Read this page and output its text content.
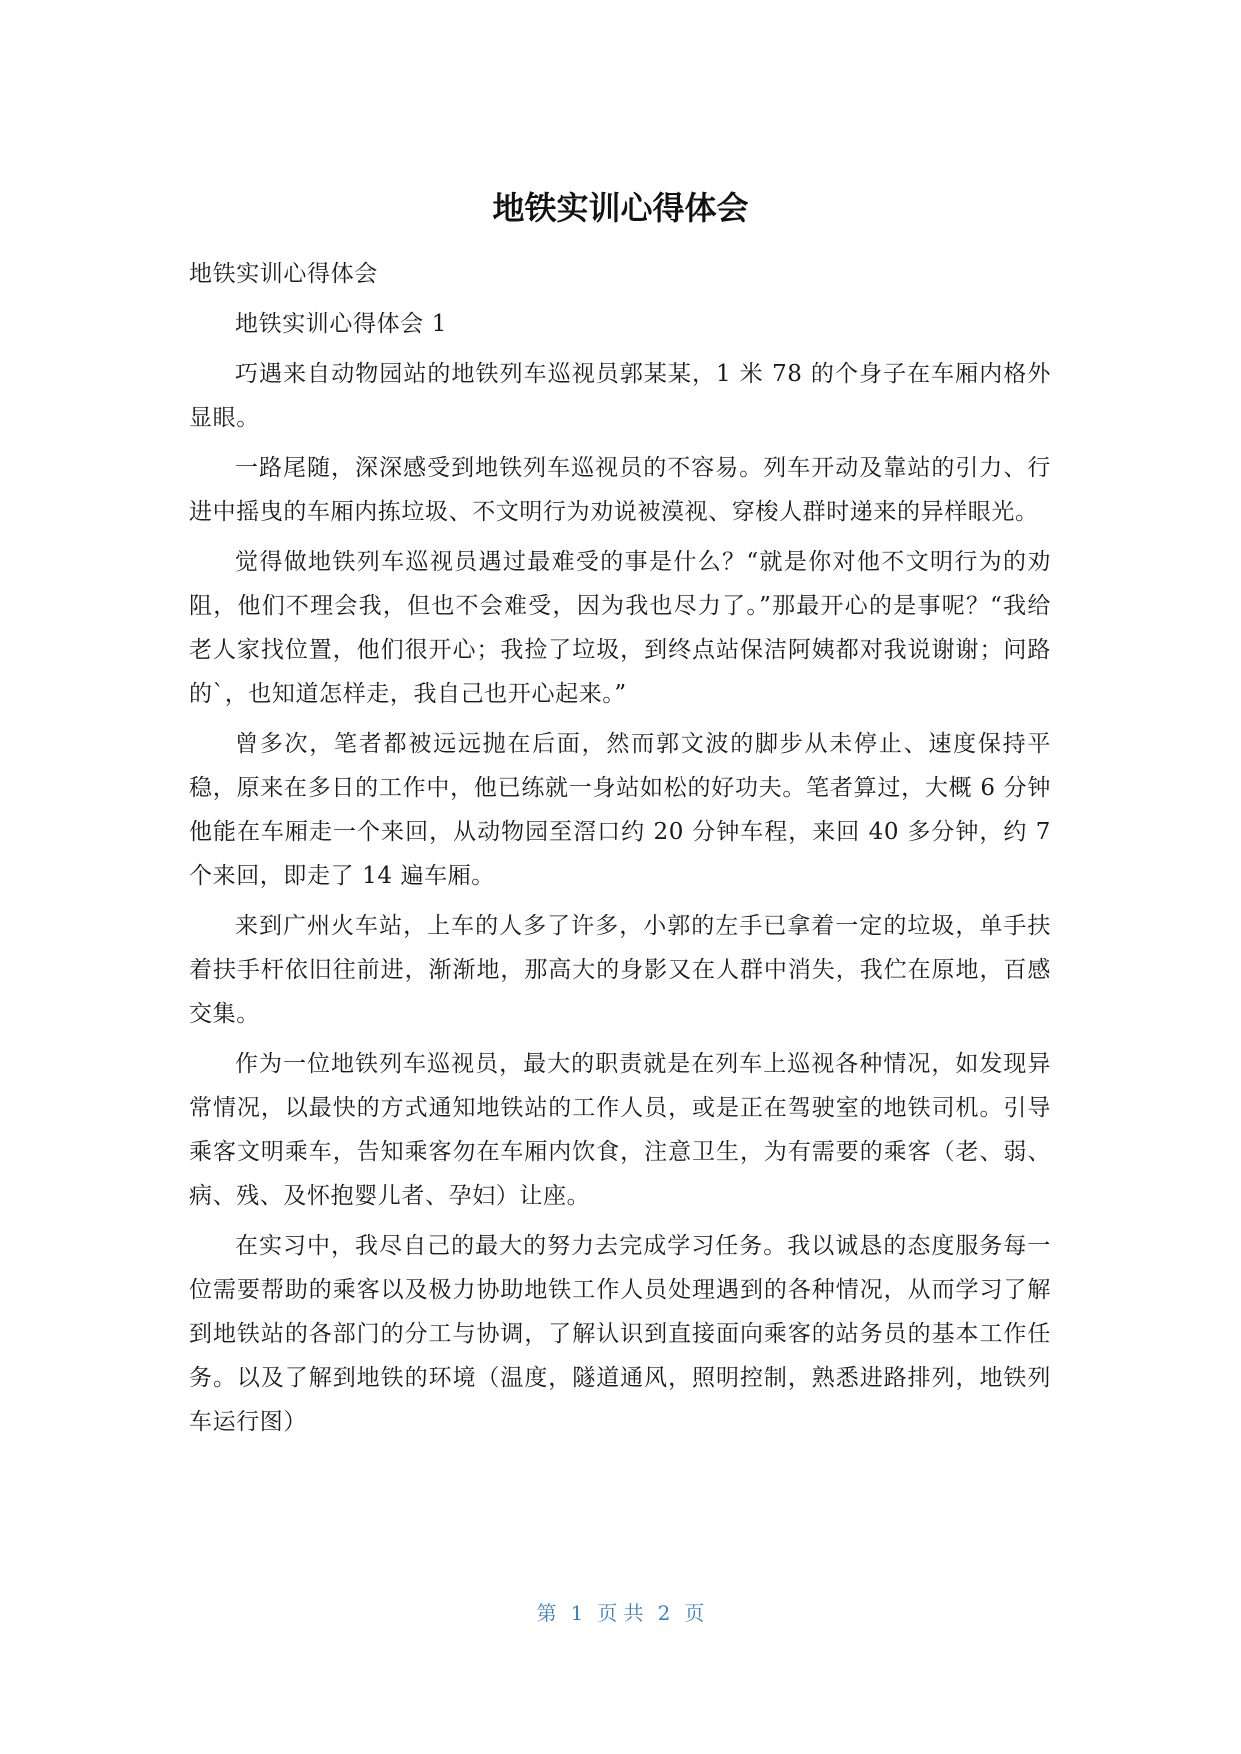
地铁实训心得体会

地铁实训心得体会

地铁实训心得体会 1

巧遇来自动物园站的地铁列车巡视员郭某某，1 米 78 的个身子在车厢内格外显眼。

一路尾随，深深感受到地铁列车巡视员的不容易。列车开动及靠站的引力、行进中摇曳的车厢内拣垃圾、不文明行为劝说被漠视、穿梭人群时递来的异样眼光。

觉得做地铁列车巡视员遇过最难受的事是什么？“就是你对他不文明行为的劝阻，他们不理会我，但也不会难受，因为我也尽力了。”那最开心的是事呢？“我给老人家找位置，他们很开心；我捡了垃圾，到终点站保洁阿姨都对我说谢谢；问路的`，也知道怎样走，我自己也开心起来。”

曾多次，笔者都被远远抛在后面，然而郭文波的脚步从未停止、速度保持平稳，原来在多日的工作中，他已练就一身站如松的好功夫。笔者算过，大概 6 分钟他能在车厢走一个来回，从动物园至滘口约 20 分钟车程，来回 40 多分钟，约 7 个来回，即走了 14 遍车厢。

来到广州火车站，上车的人多了许多，小郭的左手已拿着一定的垃圾，单手扶着扶手杆依旧往前进，渐渐地，那高大的身影又在人群中消失，我伫在原地，百感交集。

作为一位地铁列车巡视员，最大的职责就是在列车上巡视各种情况，如发现异常情况，以最快的方式通知地铁站的工作人员，或是正在驾驶室的地铁司机。引导乘客文明乘车，告知乘客勿在车厢内饮食，注意卫生，为有需要的乘客（老、弱、病、残、及怀抱婴儿者、孕妇）让座。

在实习中，我尽自己的最大的努力去完成学习任务。我以诚恳的态度服务每一位需要帮助的乘客以及极力协助地铁工作人员处理遇到的各种情况，从而学习了解到地铁站的各部门的分工与协调，了解认识到直接面向乘客的站务员的基本工作任务。以及了解到地铁的环境（温度，隧道通风，照明控制，熟悉进路排列，地铁列车运行图）

第 1 页 共 2 页
